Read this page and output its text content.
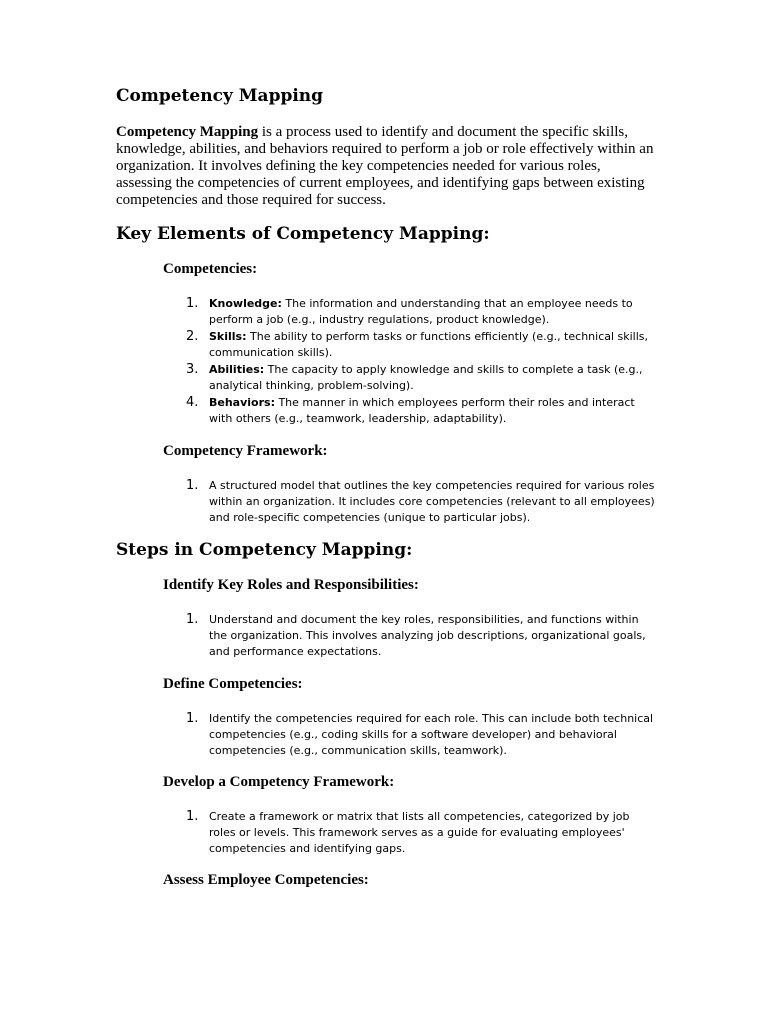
Competency Mapping

Competency Mapping is a process used to identify and document the specific skills, knowledge, abilities, and behaviors required to perform a job or role effectively within an organization. It involves defining the key competencies needed for various roles, assessing the competencies of current employees, and identifying gaps between existing competencies and those required for success.

Key Elements of Competency Mapping:
Competencies:
1. Knowledge: The information and understanding that an employee needs to perform a job (e.g., industry regulations, product knowledge).
2. Skills: The ability to perform tasks or functions efficiently (e.g., technical skills, communication skills).
3. Abilities: The capacity to apply knowledge and skills to complete a task (e.g., analytical thinking, problem-solving).
4. Behaviors: The manner in which employees perform their roles and interact with others (e.g., teamwork, leadership, adaptability).
Competency Framework:
1. A structured model that outlines the key competencies required for various roles within an organization. It includes core competencies (relevant to all employees) and role-specific competencies (unique to particular jobs).
Steps in Competency Mapping:
Identify Key Roles and Responsibilities:
1. Understand and document the key roles, responsibilities, and functions within the organization. This involves analyzing job descriptions, organizational goals, and performance expectations.
Define Competencies:
1. Identify the competencies required for each role. This can include both technical competencies (e.g., coding skills for a software developer) and behavioral competencies (e.g., communication skills, teamwork).
Develop a Competency Framework:
1. Create a framework or matrix that lists all competencies, categorized by job roles or levels. This framework serves as a guide for evaluating employees' competencies and identifying gaps.
Assess Employee Competencies:
